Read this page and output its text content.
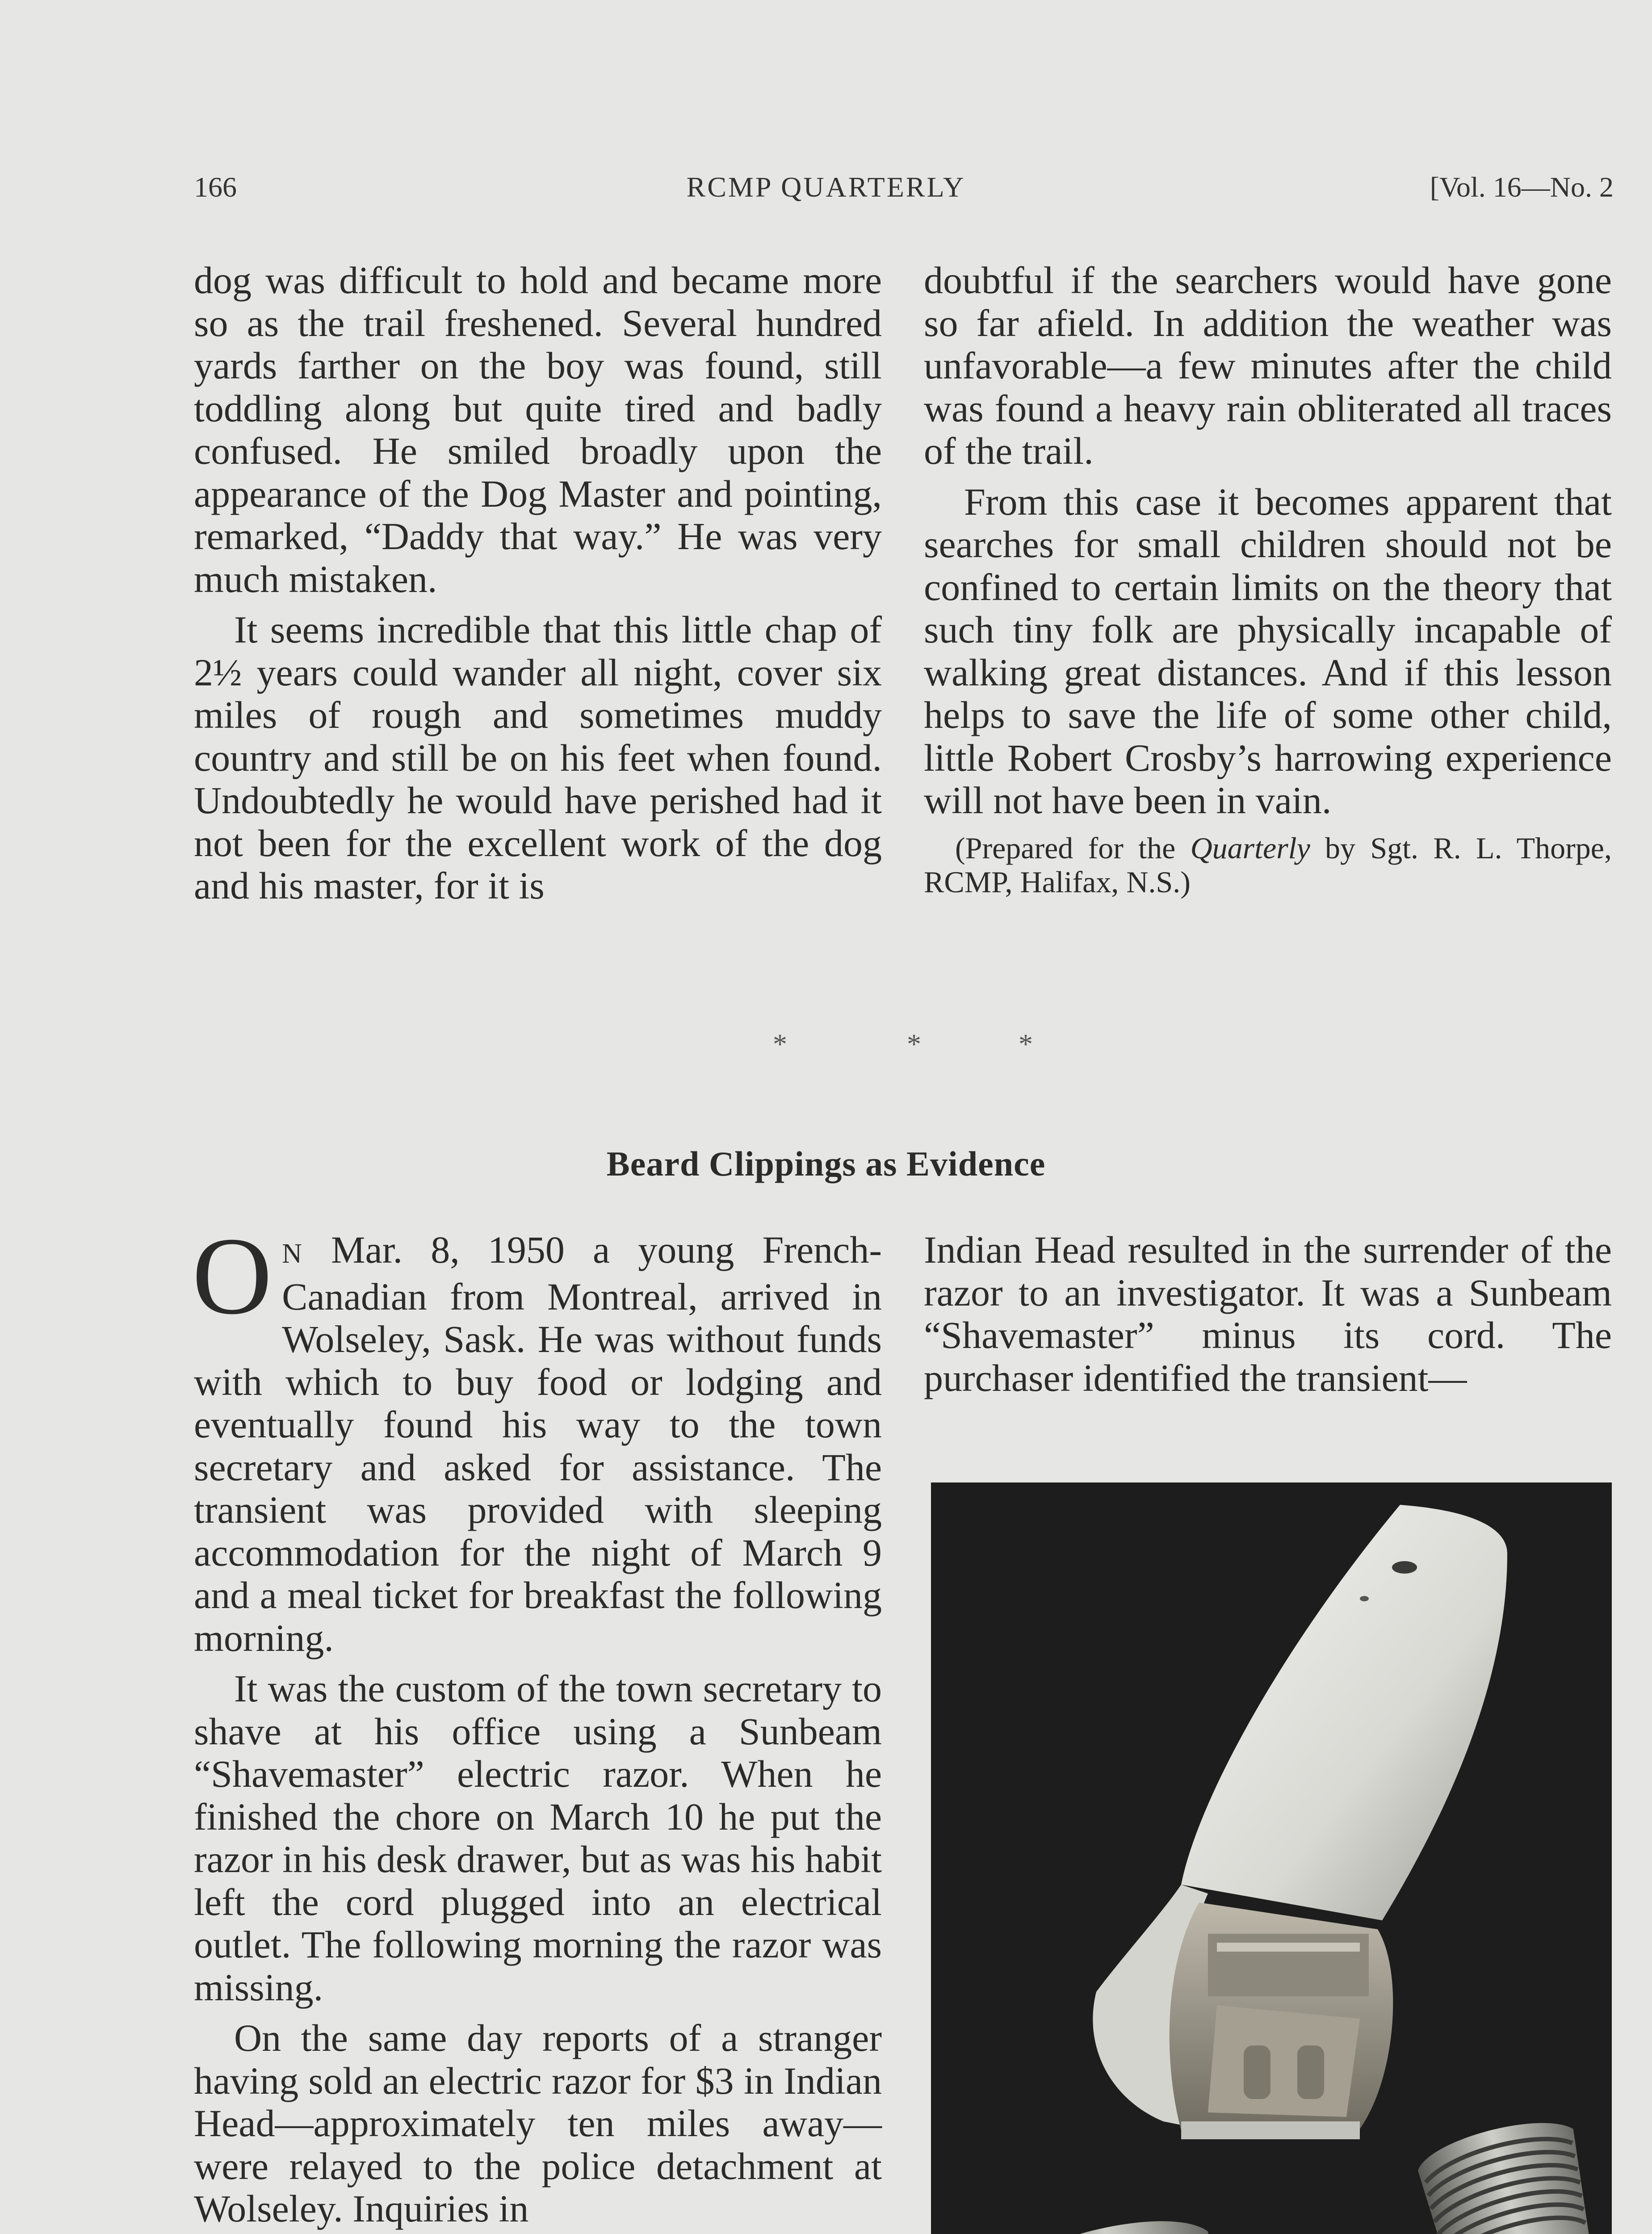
166	RCMP QUARTERLY	[Vol. 16—No. 2

dog was difficult to hold and became more so as the trail freshened. Several hundred yards farther on the boy was found, still toddling along but quite tired and badly confused. He smiled broadly upon the appearance of the Dog Master and pointing, remarked, “Daddy that way.” He was very much mistaken.

It seems incredible that this little chap of 2½ years could wander all night, cover six miles of rough and sometimes muddy country and still be on his feet when found. Undoubtedly he would have perished had it not been for the excellent work of the dog and his master, for it is

doubtful if the searchers would have gone so far afield. In addition the weather was unfavorable—a few minutes after the child was found a heavy rain obliterated all traces of the trail.

From this case it becomes apparent that searches for small children should not be confined to certain limits on the theory that such tiny folk are physically incapable of walking great distances. And if this lesson helps to save the life of some other child, little Robert Crosby’s harrowing experience will not have been in vain.

(Prepared for the Quarterly by Sgt. R. L. Thorpe, RCMP, Halifax, N.S.)

*	*	*
Beard Clippings as Evidence

O N Mar. 8, 1950 a young French-Canadian from Montreal, arrived in Wolseley, Sask. He was without funds with which to buy food or lodging and eventually found his way to the town secretary and asked for assistance. The transient was provided with sleeping accommodation for the night of March 9 and a meal ticket for breakfast the following morning.

It was the custom of the town secretary to shave at his office using a Sunbeam “Shavemaster” electric razor. When he finished the chore on March 10 he put the razor in his desk drawer, but as was his habit left the cord plugged into an electrical outlet. The following morning the razor was missing.

On the same day reports of a stranger having sold an electric razor for $3 in Indian Head—approximately ten miles away—were relayed to the police detachment at Wolseley. Inquiries in

Indian Head resulted in the surrender of the razor to an investigator. It was a Sunbeam “Shavemaster” minus its cord. The purchaser identified the transient—
